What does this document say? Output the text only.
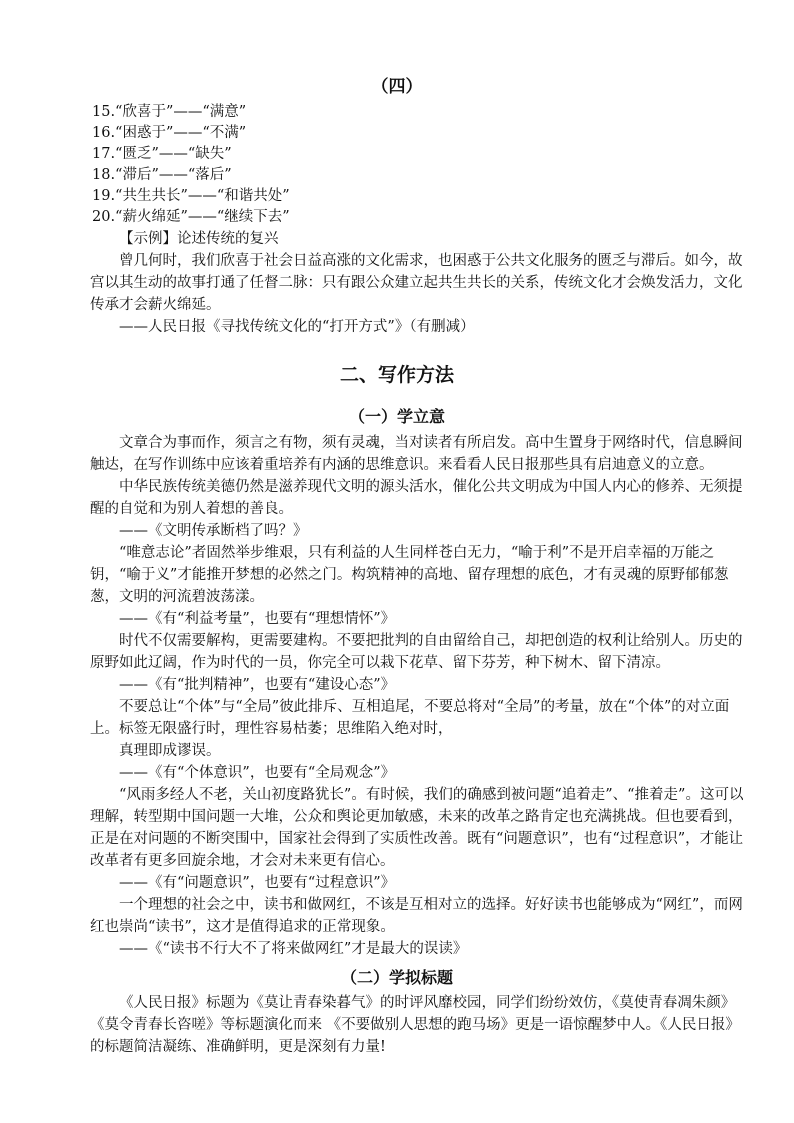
（四）
15.“欣喜于”——“满意”
16.“困惑于”——“不满”
17.“匮乏”——“缺失”
18.“滞后”——“落后”
19.“共生共长”——“和谐共处”
20.“薪火绵延”——“继续下去”

【示例】论述传统的复兴

曾几何时，我们欣喜于社会日益高涨的文化需求，也困惑于公共文化服务的匮乏与滞后。如今，故宫以其生动的故事打通了任督二脉：只有跟公众建立起共生共长的关系，传统文化才会焕发活力，文化传承才会薪火绵延。

——人民日报《寻找传统文化的“打开方式”》（有删减）

二、写作方法
（一）学立意

文章合为事而作，须言之有物，须有灵魂，当对读者有所启发。高中生置身于网络时代，信息瞬间触达，在写作训练中应该着重培养有内涵的思维意识。来看看人民日报那些具有启迪意义的立意。

中华民族传统美德仍然是滋养现代文明的源头活水，催化公共文明成为中国人内心的修养、无须提醒的自觉和为别人着想的善良。

——《文明传承断档了吗？》

“唯意志论”者固然举步维艰，只有利益的人生同样苍白无力，“喻于利”不是开启幸福的万能之钥，“喻于义”才能推开梦想的必然之门。构筑精神的高地、留存理想的底色，才有灵魂的原野郁郁葱葱，文明的河流碧波荡漾。

——《有“利益考量”，也要有“理想情怀”》

时代不仅需要解构，更需要建构。不要把批判的自由留给自己，却把创造的权利让给别人。历史的原野如此辽阔，作为时代的一员，你完全可以栽下花草、留下芬芳，种下树木、留下清凉。

——《有“批判精神”，也要有“建设心态”》

不要总让“个体”与“全局”彼此排斥、互相追尾，不要总将对“全局”的考量，放在“个体”的对立面上。标签无限盛行时，理性容易枯萎；思维陷入绝对时，

真理即成谬误。

——《有“个体意识”，也要有“全局观念”》

“风雨多经人不老，关山初度路犹长”。有时候，我们的确感到被问题“追着走”、“推着走”。这可以理解，转型期中国问题一大堆，公众和舆论更加敏感，未来的改革之路肯定也充满挑战。但也要看到，正是在对问题的不断突围中，国家社会得到了实质性改善。既有“问题意识”，也有“过程意识”，才能让改革者有更多回旋余地，才会对未来更有信心。

——《有“问题意识”，也要有“过程意识”》

一个理想的社会之中，读书和做网红，不该是互相对立的选择。好好读书也能够成为“网红”，而网红也崇尚“读书”，这才是值得追求的正常现象。

——《“读书不行大不了将来做网红”才是最大的误读》

（二）学拟标题

《人民日报》标题为《莫让青春染暮气》的时评风靡校园，同学们纷纷效仿，《莫使青春凋朱颜》《莫令青春长咨嗟》等标题演化而来 《不要做别人思想的跑马场》更是一语惊醒梦中人。《人民日报》的标题简洁凝练、准确鲜明，更是深刻有力量!
